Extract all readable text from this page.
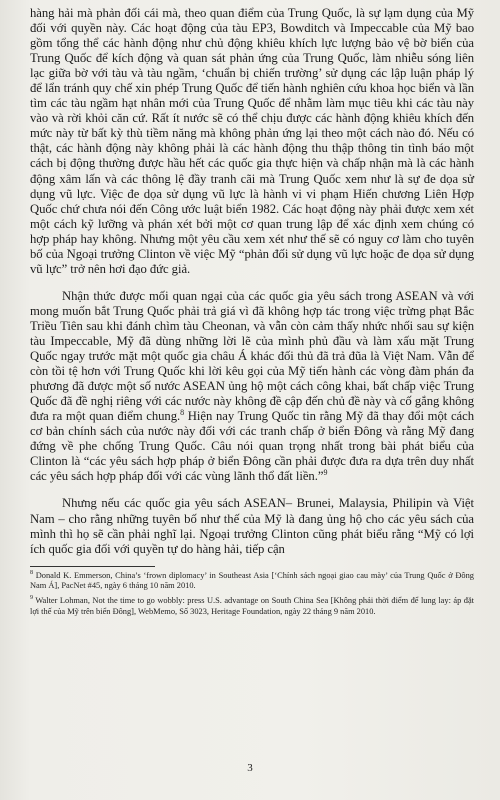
hàng hải mà phản đối cái mà, theo quan điểm của Trung Quốc, là sự lạm dụng của Mỹ đối với quyền này. Các hoạt động của tàu EP3, Bowditch và Impeccable của Mỹ bao gồm tổng thể các hành động như chủ động khiêu khích lực lượng bảo vệ bờ biển của Trung Quốc để kích động và quan sát phản ứng của Trung Quốc, làm nhiễu sóng liên lạc giữa bờ với tàu và tàu ngầm, ‘chuẩn bị chiến trường’ sử dụng các lập luận pháp lý để lẩn tránh quy chế xin phép Trung Quốc để tiến hành nghiên cứu khoa học biển và lần tìm các tàu ngầm hạt nhân mới của Trung Quốc để nhằm làm mục tiêu khi các tàu này vào và rời khỏi căn cứ. Rất ít nước sẽ có thể chịu được các hành động khiêu khích đến mức này từ bất kỳ thù tiềm năng mà không phản ứng lại theo một cách nào đó. Nếu có thật, các hành động này không phải là các hành động thu thập thông tin tình báo một cách bị động thường được hầu hết các quốc gia thực hiện và chấp nhận mà là các hành động xâm lấn và các thông lệ đầy tranh cãi mà Trung Quốc xem như là sự đe dọa sử dụng vũ lực. Việc đe dọa sử dụng vũ lực là hành vi vi phạm Hiến chương Liên Hợp Quốc chứ chưa nói đến Công ước luật biển 1982. Các hoạt động này phải được xem xét một cách kỹ lưỡng và phán xét bởi một cơ quan trung lập để xác định xem chúng có hợp pháp hay không. Nhưng một yêu cầu xem xét như thế sẽ có nguy cơ làm cho tuyên bố của Ngoại trưởng Clinton về việc Mỹ “phản đối sử dụng vũ lực hoặc đe dọa sử dụng vũ lực” trở nên hơi đạo đức giả.

Nhận thức được mối quan ngại của các quốc gia yêu sách trong ASEAN và với mong muốn bắt Trung Quốc phải trả giá vì đã không hợp tác trong việc trừng phạt Bắc Triều Tiên sau khi đánh chìm tàu Cheonan, và vẫn còn cảm thấy nhức nhối sau sự kiện tàu Impeccable, Mỹ đã dùng những lời lẽ của mình phủ đầu và làm xấu mặt Trung Quốc ngay trước mặt một quốc gia châu Á khác đối thủ đã trả đũa là Việt Nam. Vẫn để còn tồi tệ hơn với Trung Quốc khi lời kêu gọi của Mỹ tiến hành các vòng đàm phán đa phương đã được một số nước ASEAN ủng hộ một cách công khai, bất chấp việc Trung Quốc đã đề nghị riêng với các nước này không đề cập đến chủ đề này và cố gắng không đưa ra một quan điểm chung.$^8$ Hiện nay Trung Quốc tin rằng Mỹ đã thay đổi một cách cơ bản chính sách của nước này đối với các tranh chấp ở biển Đông và rằng Mỹ đang đứng về phe chống Trung Quốc. Câu nói quan trọng nhất trong bài phát biểu của Clinton là “các yêu sách hợp pháp ở biển Đông cần phải được đưa ra dựa trên duy nhất các yêu sách hợp pháp đối với các vùng lãnh thổ đất liền.”$^9$

Nhưng nếu các quốc gia yêu sách ASEAN– Brunei, Malaysia, Philipin và Việt Nam – cho rằng những tuyên bố như thế của Mỹ là đang ủng hộ cho các yêu sách của mình thì họ sẽ cần phải nghĩ lại. Ngoại trưởng Clinton cũng phát biểu rằng “Mỹ có lợi ích quốc gia đối với quyền tự do hàng hải, tiếp cận

$^8$ Donald K. Emmerson, China’s ‘frown diplomacy’ in Southeast Asia [‘Chính sách ngoại giao cau mày’ của Trung Quốc ở Đông Nam Á], PacNet #45, ngày 6 tháng 10 năm 2010.

$^9$ Walter Lohman, Not the time to go wobbly: press U.S. advantage on South China Sea [Không phải thời điểm để lung lay: áp đặt lợi thế của Mỹ trên biển Đông], WebMemo, Số 3023, Heritage Foundation, ngày 22 tháng 9 năm 2010.

3
